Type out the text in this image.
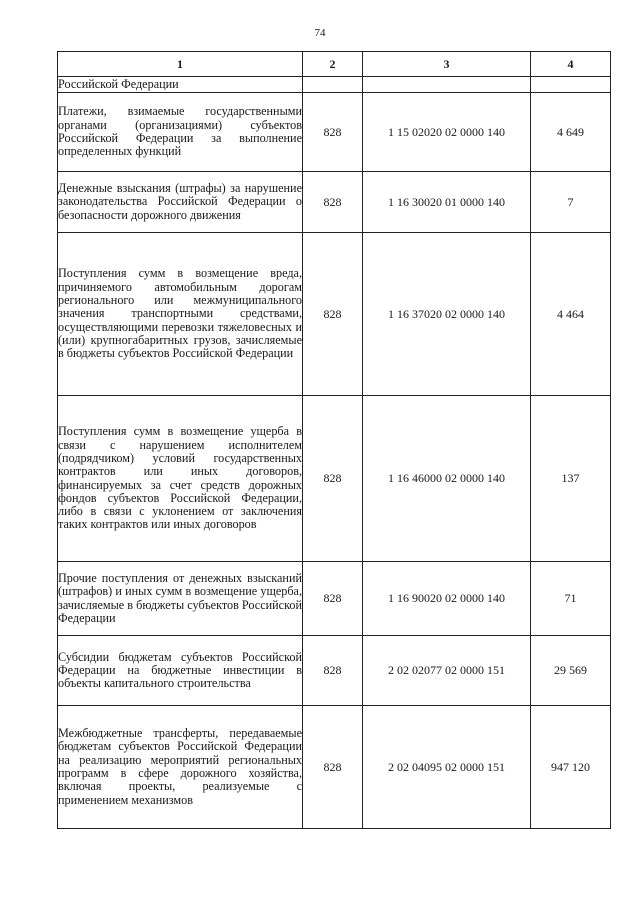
74
1	2	3	4

Российской Федерации			

Платежи, взимаемые государственными органами (организациями) субъектов Российской Федерации за выполнение определенных функций	828	1 15 02020 02 0000 140	4 649
Денежные взыскания (штрафы) за нарушение законодательства Российской Федерации о безопасности дорожного движения	828	1 16 30020 01 0000 140	7
Поступления сумм в возмещение вреда, причиняемого автомобильным дорогам регионального или межмуниципального значения транспортными средствами, осуществляющими перевозки тяжеловесных и (или) крупногабаритных грузов, зачисляемые в бюджеты субъектов Российской Федерации	828	1 16 37020 02 0000 140	4 464
Поступления сумм в возмещение ущерба в связи с нарушением исполнителем (подрядчиком) условий государственных контрактов или иных договоров, финансируемых за счет средств дорожных фондов субъектов Российской Федерации, либо в связи с уклонением от заключения таких контрактов или иных договоров	828	1 16 46000 02 0000 140	137
Прочие поступления от денежных взысканий (штрафов) и иных сумм в возмещение ущерба, зачисляемые в бюджеты субъектов Российской Федерации	828	1 16 90020 02 0000 140	71
Субсидии бюджетам субъектов Российской Федерации на бюджетные инвестиции в объекты капитального строительства	828	2 02 02077 02 0000 151	29 569
Межбюджетные трансферты, передаваемые бюджетам субъектов Российской Федерации на реализацию мероприятий региональных программ в сфере дорожного хозяйства, включая проекты, реализуемые с применением механизмов	828	2 02 04095 02 0000 151	947 120
